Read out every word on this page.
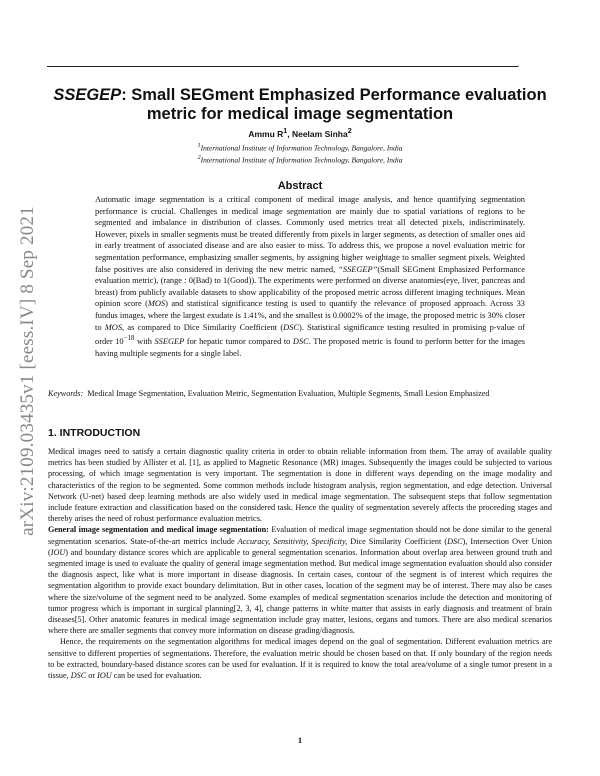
,
arXiv:2109.03435v1 [eess.IV] 8 Sep 2021
SSEGEP: Small SEGment Emphasized Performance evaluation metric for medical image segmentation
Ammu $R^1$, Neelam Sinha$^2$
$^1$International Institute of Information Technology, Bangalore, India
$^2$International Institute of Information Technology, Bangalore, India
Abstract
Automatic image segmentation is a critical component of medical image analysis, and hence quantifying segmentation performance is crucial. Challenges in medical image segmentation are mainly due to spatial variations of regions to be segmented and imbalance in distribution of classes. Commonly used metrics treat all detected pixels, indiscriminately. However, pixels in smaller segments must be treated differently from pixels in larger segments, as detection of smaller ones aid in early treatment of associated disease and are also easier to miss. To address this, we propose a novel evaluation metric for segmentation performance, emphasizing smaller segments, by assigning higher weightage to smaller segment pixels. Weighted false positives are also considered in deriving the new metric named, “SSEGEP”(Small SEGment Emphasized Performance evaluation metric), (range : 0(Bad) to 1(Good)). The experiments were performed on diverse anatomies(eye, liver, pancreas and breast) from publicly available datasets to show applicability of the proposed metric across different imaging techniques. Mean opinion score (MOS) and statistical significance testing is used to quantify the relevance of proposed approach. Across 33 fundus images, where the largest exudate is 1.41%, and the smallest is 0.0002% of the image, the proposed metric is 30% closer to MOS, as compared to Dice Similarity Coefficient (DSC). Statistical significance testing resulted in promising p-value of order $10^{-18}$ with SSEGEP for hepatic tumor compared to DSC. The proposed metric is found to perform better for the images having multiple segments for a single label.
Keywords: Medical Image Segmentation, Evaluation Metric, Segmentation Evaluation, Multiple Segments, Small Lesion Emphasized
1. INTRODUCTION

Medical images need to satisfy a certain diagnostic quality criteria in order to obtain reliable information from them. The array of available quality metrics has been studied by Allister et al. [1], as applied to Magnetic Resonance (MR) images. Subsequently the images could be subjected to various processing, of which image segmentation is very important. The segmentation is done in different ways depending on the image modality and characteristics of the region to be segmented. Some common methods include histogram analysis, region segmentation, and edge detection. Universal Network (U-net) based deep learning methods are also widely used in medical image segmentation. The subsequent steps that follow segmentation include feature extraction and classification based on the considered task. Hence the quality of segmentation severely affects the proceeding stages and thereby arises the need of robust performance evaluation metrics.

General image segmentation and medical image segmentation: Evaluation of medical image segmentation should not be done similar to the general segmentation scenarios. State-of-the-art metrics include Accuracy, Sensitivity, Specificity, Dice Similarity Coefficient (DSC), Intersection Over Union (IOU) and boundary distance scores which are applicable to general segmentation scenarios. Information about overlap area between ground truth and segmented image is used to evaluate the quality of general image segmentation method. But medical image segmentation evaluation should also consider the diagnosis aspect, like what is more important in disease diagnosis. In certain cases, contour of the segment is of interest which requires the segmentation algorithm to provide exact boundary delimitation. But in other cases, location of the segment may be of interest. There may also be cases where the size/volume of the segment need to be analyzed. Some examples of medical segmentation scenarios include the detection and monitoring of tumor progress which is important in surgical planning[2, 3, 4], change patterns in white matter that assists in early diagnosis and treatment of brain diseases[5]. Other anatomic features in medical image segmentation include gray matter, lesions, organs and tumors. There are also medical scenarios where there are smaller segments that convey more information on disease grading/diagnosis.

Hence, the requirements on the segmentation algorithms for medical images depend on the goal of segmentation. Different evaluation metrics are sensitive to different properties of segmentations. Therefore, the evaluation metric should be chosen based on that. If only boundary of the region needs to be extracted, boundary-based distance scores can be used for evaluation. If it is required to know the total area/volume of a single tumor present in a tissue, DSC or IOU can be used for evaluation.

1
